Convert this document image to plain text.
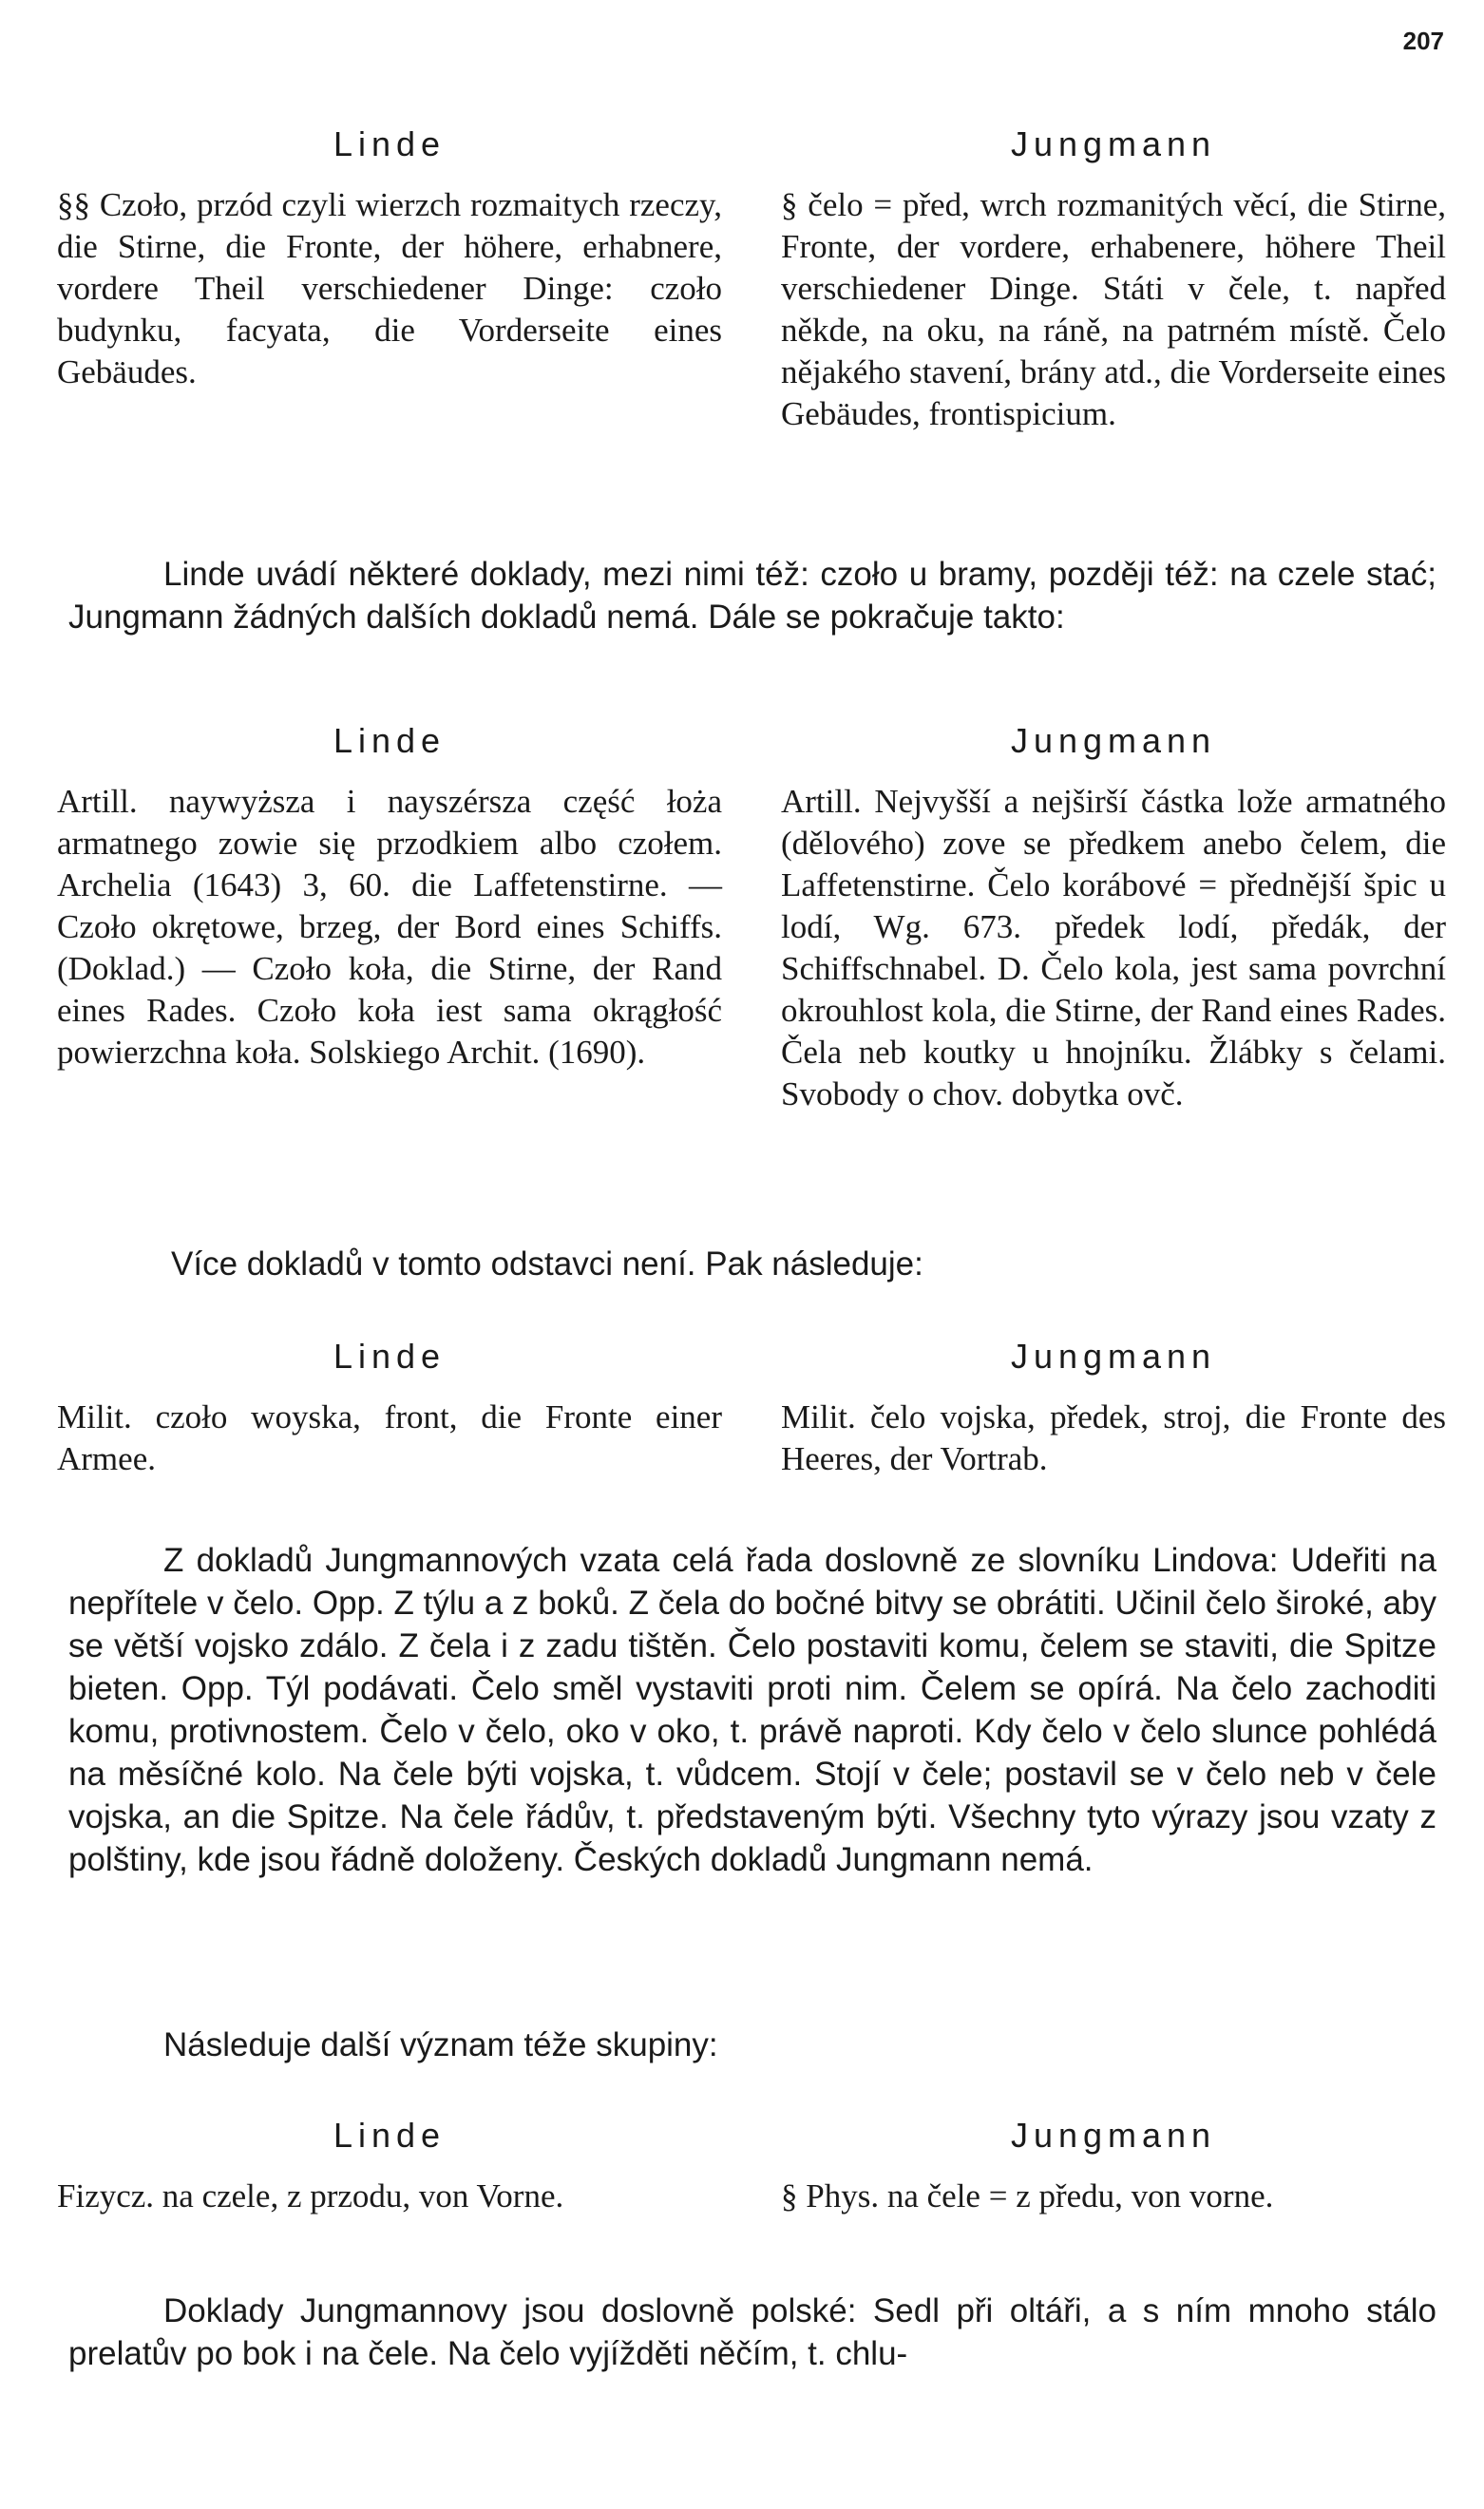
207
Linde

§§ Czoło, przód czyli wierzch rozmaitych rzeczy, die Stirne, die Fronte, der höhere, erhabnere, vordere Theil verschiedener Dinge: czoło budynku, facyata, die Vorderseite eines Gebäudes.

Jungmann

§ čelo = před, wrch rozmanitých věcí, die Stirne, Fronte, der vordere, erhabenere, höhere Theil verschiedener Dinge. Státi v čele, t. napřed někde, na oku, na ráně, na patrném místě. Čelo nějakého stavení, brány atd., die Vorderseite eines Gebäudes, frontispicium.

Linde uvádí některé doklady, mezi nimi též: czoło u bramy, později též: na czele stać; Jungmann žádných dalších dokladů nemá. Dále se pokračuje takto:

Linde

Artill. naywyższa i nayszérsza część łoża armatnego zowie się przodkiem albo czołem. Archelia (1643) 3, 60. die Laffetenstirne. — Czoło okrętowe, brzeg, der Bord eines Schiffs. (Doklad.) — Czoło koła, die Stirne, der Rand eines Rades. Czoło koła iest sama okrągłość powierzchna koła. Solskiego Archit. (1690).

Jungmann

Artill. Nejvyšší a nejširší částka lože armatného (dělového) zove se předkem anebo čelem, die Laffetenstirne. Čelo korábové = přednější špic u lodí, Wg. 673. předek lodí, předák, der Schiffschnabel. D. Čelo kola, jest sama povrchní okrouhlost kola, die Stirne, der Rand eines Rades. Čela neb koutky u hnojníku. Žlábky s čelami. Svobody o chov. dobytka ovč.

Více dokladů v tomto odstavci není. Pak následuje:

Linde

Milit. czoło woyska, front, die Fronte einer Armee.

Jungmann

Milit. čelo vojska, předek, stroj, die Fronte des Heeres, der Vortrab.

Z dokladů Jungmannových vzata celá řada doslovně ze slovníku Lindova: Udeřiti na nepřítele v čelo. Opp. Z týlu a z boků. Z čela do bočné bitvy se obrátiti. Učinil čelo široké, aby se větší vojsko zdálo. Z čela i z zadu tištěn. Čelo postaviti komu, čelem se staviti, die Spitze bieten. Opp. Týl podávati. Čelo směl vystaviti proti nim. Čelem se opírá. Na čelo zachoditi komu, protivnostem. Čelo v čelo, oko v oko, t. právě naproti. Kdy čelo v čelo slunce pohlédá na měsíčné kolo. Na čele býti vojska, t. vůdcem. Stojí v čele; postavil se v čelo neb v čele vojska, an die Spitze. Na čele řádův, t. představeným býti. Všechny tyto výrazy jsou vzaty z polštiny, kde jsou řádně doloženy. Českých dokladů Jungmann nemá.

Následuje další význam téže skupiny:

Linde

Fizycz. na czele, z przodu, von Vorne.

Jungmann

§ Phys. na čele = z předu, von vorne.

Doklady Jungmannovy jsou doslovně polské: Sedl při oltáři, a s ním mnoho stálo prelatův po bok i na čele. Na čelo vyjížděti něčím, t. chlu-
